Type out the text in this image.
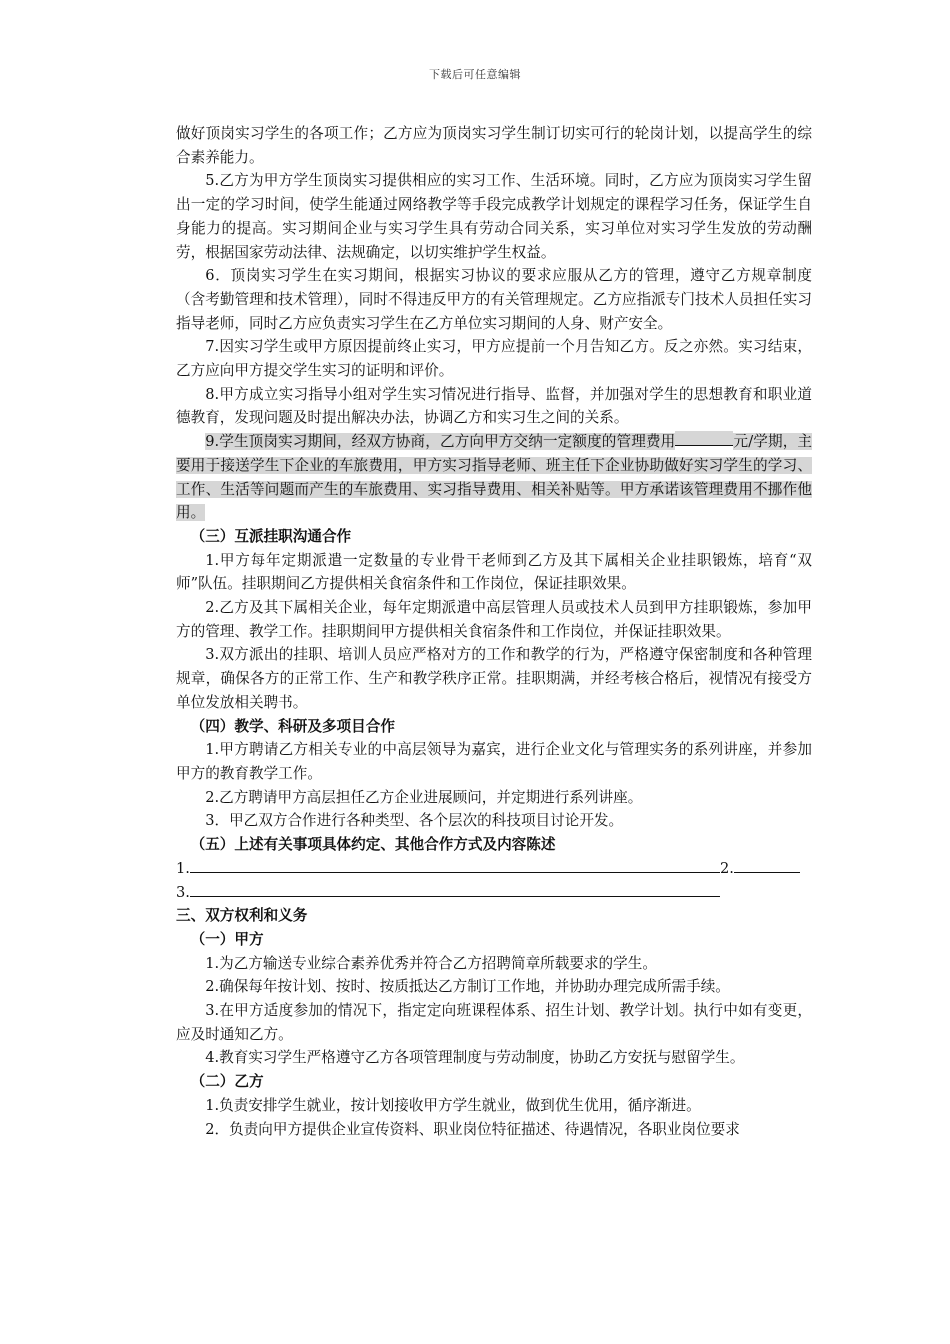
下载后可任意编辑

做好顶岗实习学生的各项工作；乙方应为顶岗实习学生制订切实可行的轮岗计划，以提高学生的综合素养能力。

5.乙方为甲方学生顶岗实习提供相应的实习工作、生活环境。同时，乙方应为顶岗实习学生留出一定的学习时间，使学生能通过网络教学等手段完成教学计划规定的课程学习任务，保证学生自身能力的提高。实习期间企业与实习学生具有劳动合同关系，实习单位对实习学生发放的劳动酬劳，根据国家劳动法律、法规确定，以切实维护学生权益。

6．顶岗实习学生在实习期间，根据实习协议的要求应服从乙方的管理，遵守乙方规章制度（含考勤管理和技术管理），同时不得违反甲方的有关管理规定。乙方应指派专门技术人员担任实习指导老师，同时乙方应负责实习学生在乙方单位实习期间的人身、财产安全。

7.因实习学生或甲方原因提前终止实习，甲方应提前一个月告知乙方。反之亦然。实习结束，乙方应向甲方提交学生实习的证明和评价。

8.甲方成立实习指导小组对学生实习情况进行指导、监督，并加强对学生的思想教育和职业道德教育，发现问题及时提出解决办法，协调乙方和实习生之间的关系。

9.学生顶岗实习期间，经双方协商，乙方向甲方交纳一定额度的管理费用	元/学期，主要用于接送学生下企业的车旅费用，甲方实习指导老师、班主任下企业协助做好实习学生的学习、工作、生活等问题而产生的车旅费用、实习指导费用、相关补贴等。甲方承诺该管理费用不挪作他用。

（三）互派挂职沟通合作

1.甲方每年定期派遣一定数量的专业骨干老师到乙方及其下属相关企业挂职锻炼，培育“双师”队伍。挂职期间乙方提供相关食宿条件和工作岗位，保证挂职效果。

2.乙方及其下属相关企业，每年定期派遣中高层管理人员或技术人员到甲方挂职锻炼，参加甲方的管理、教学工作。挂职期间甲方提供相关食宿条件和工作岗位，并保证挂职效果。

3.双方派出的挂职、培训人员应严格对方的工作和教学的行为，严格遵守保密制度和各种管理规章，确保各方的正常工作、生产和教学秩序正常。挂职期满，并经考核合格后，视情况有接受方单位发放相关聘书。

（四）教学、科研及多项目合作

1.甲方聘请乙方相关专业的中高层领导为嘉宾，进行企业文化与管理实务的系列讲座，并参加甲方的教育教学工作。

2.乙方聘请甲方高层担任乙方企业进展顾问，并定期进行系列讲座。

3．甲乙双方合作进行各种类型、各个层次的科技项目讨论开发。

（五）上述有关事项具体约定、其他合作方式及内容陈述

1.	2.

3.

三、双方权利和义务

（一）甲方

1.为乙方输送专业综合素养优秀并符合乙方招聘简章所载要求的学生。

2.确保每年按计划、按时、按质抵达乙方制订工作地，并协助办理完成所需手续。

3.在甲方适度参加的情况下，指定定向班课程体系、招生计划、教学计划。执行中如有变更，应及时通知乙方。

4.教育实习学生严格遵守乙方各项管理制度与劳动制度，协助乙方安抚与慰留学生。

（二）乙方

1.负责安排学生就业，按计划接收甲方学生就业，做到优生优用，循序渐进。

2．负责向甲方提供企业宣传资料、职业岗位特征描述、待遇情况，各职业岗位要求
